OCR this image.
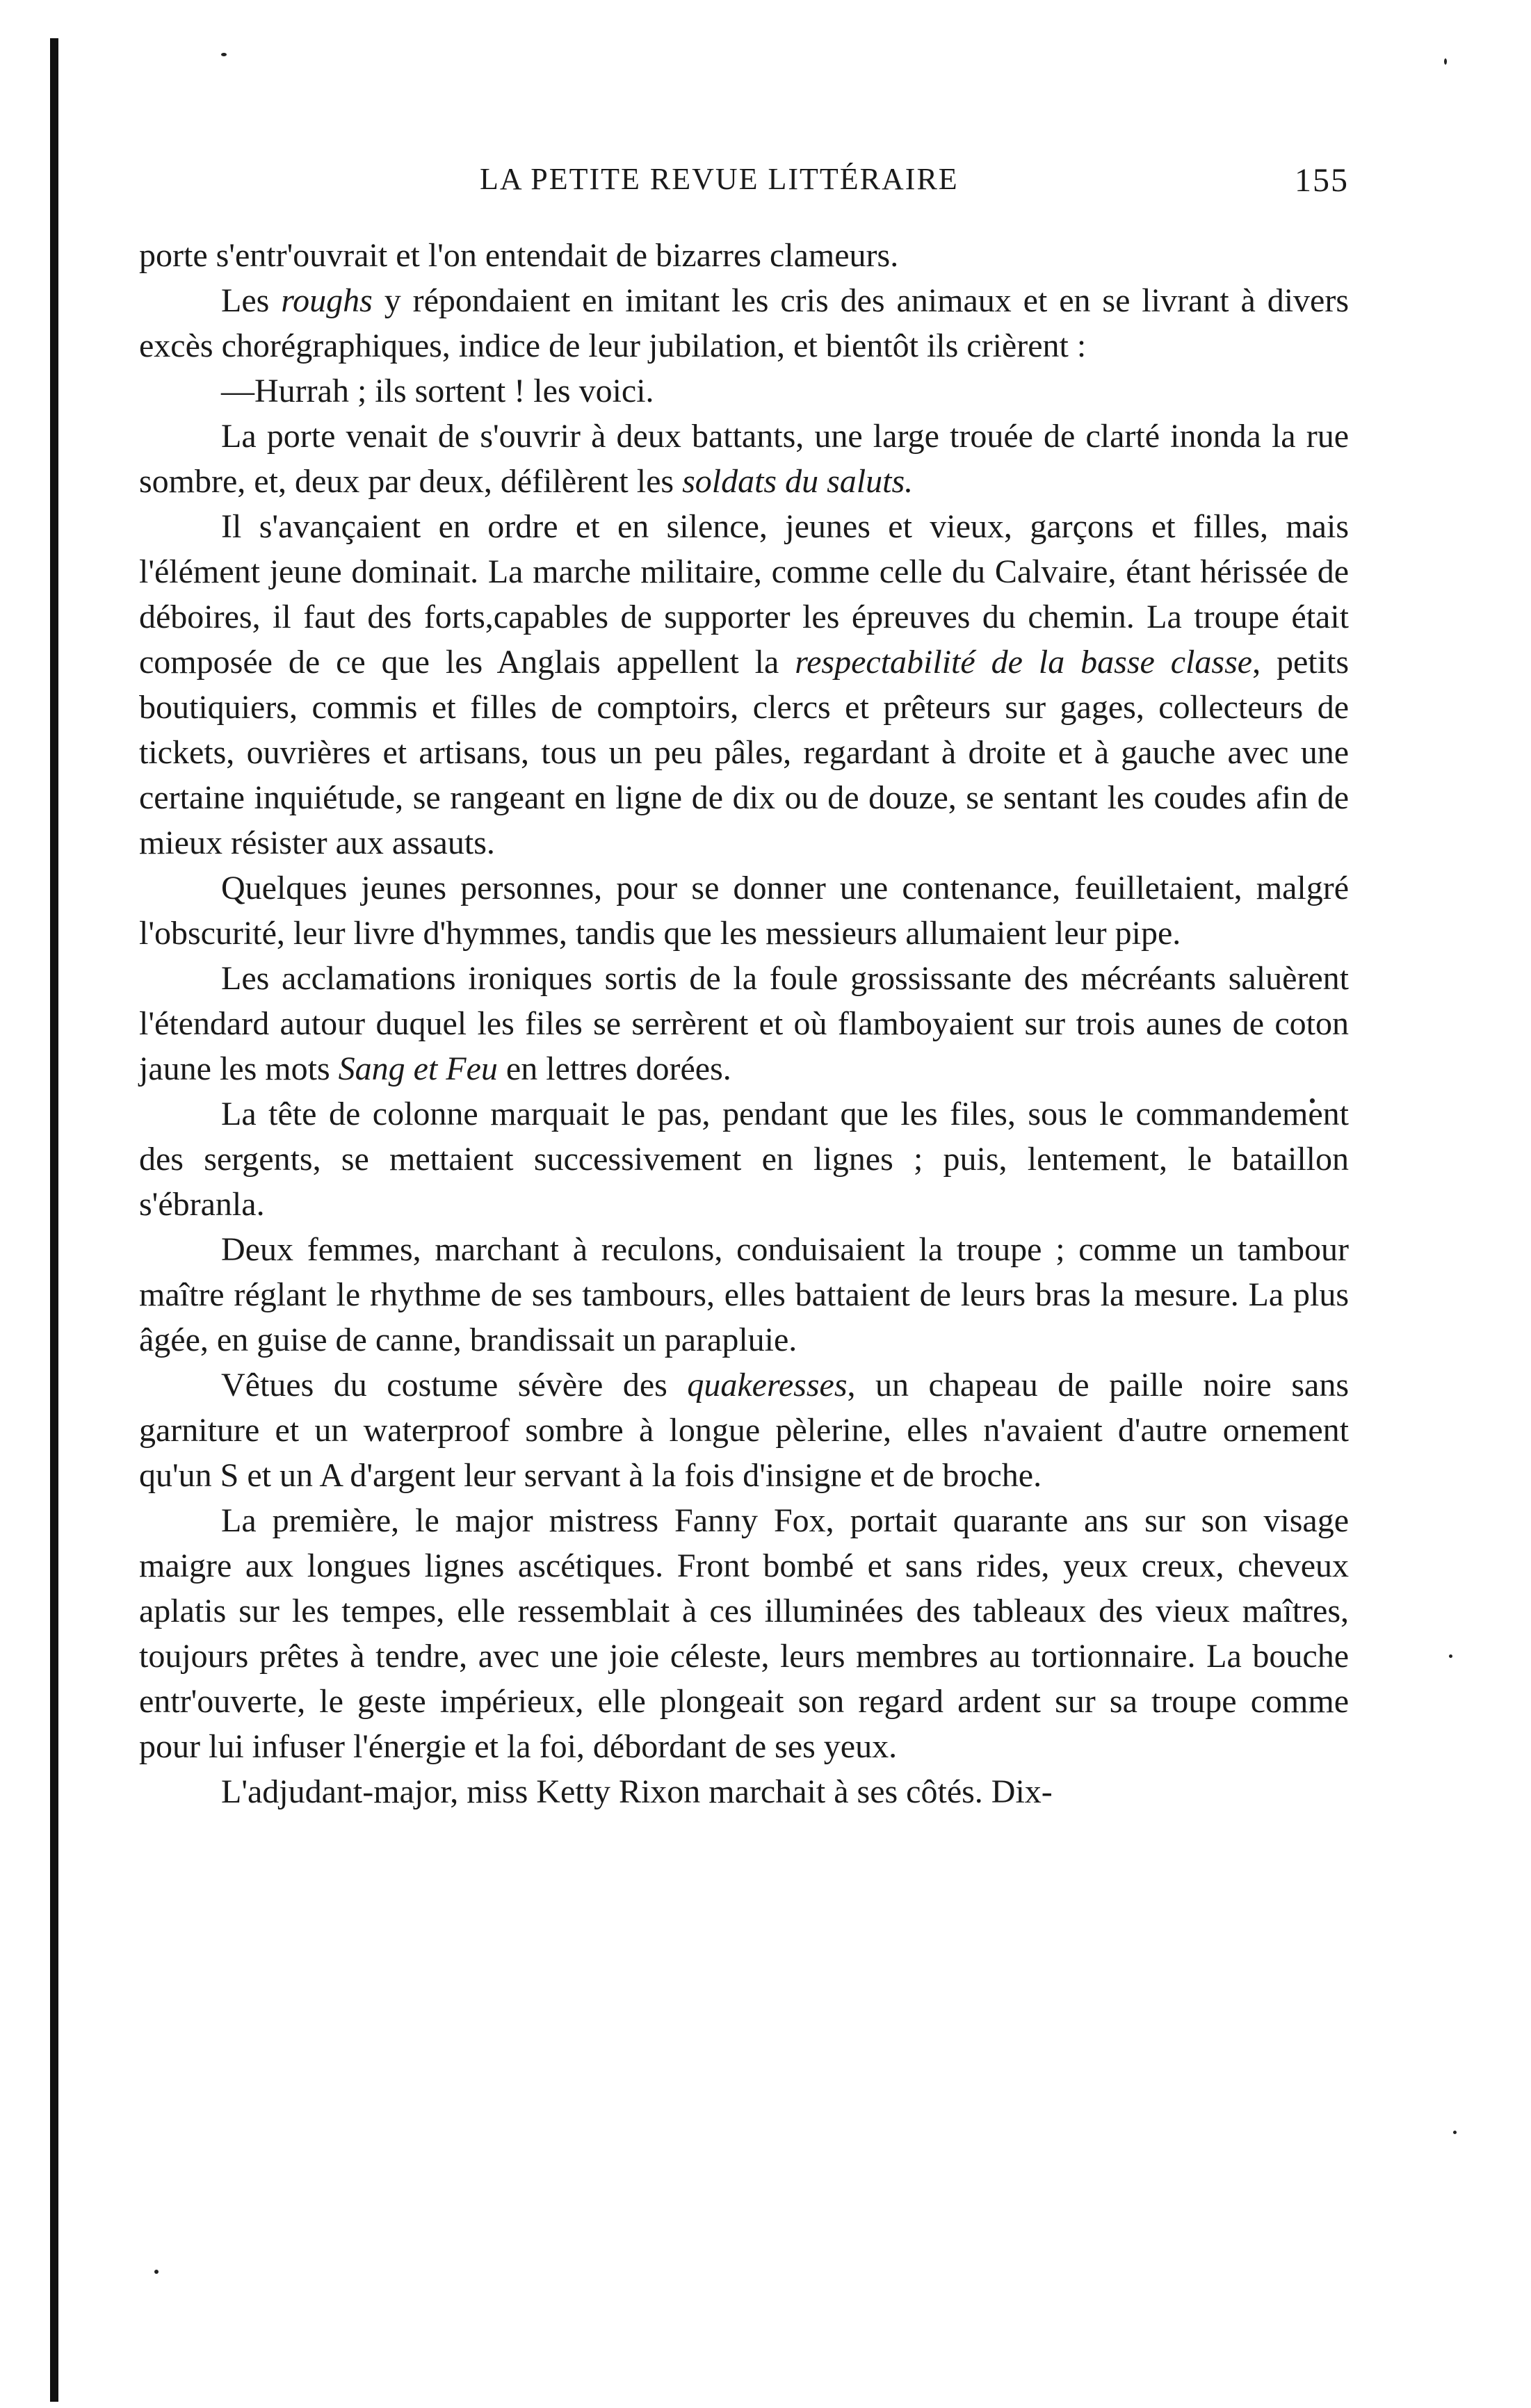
LA PETITE REVUE LITTÉRAIRE	155

porte s'entr'ouvrait et l'on entendait de bizarres clameurs.

Les roughs y répondaient en imitant les cris des animaux et en se livrant à divers excès chorégraphiques, indice de leur jubilation, et bientôt ils crièrent :

—Hurrah ; ils sortent ! les voici.

La porte venait de s'ouvrir à deux battants, une large trouée de clarté inonda la rue sombre, et, deux par deux, défilèrent les soldats du saluts.

Il s'avançaient en ordre et en silence, jeunes et vieux, garçons et filles, mais l'élément jeune dominait. La marche militaire, comme celle du Calvaire, étant hérissée de déboires, il faut des forts,capables de supporter les épreuves du chemin. La troupe était composée de ce que les Anglais appellent la respectabilité de la basse classe, petits boutiquiers, commis et filles de comptoirs, clercs et prêteurs sur gages, collecteurs de tickets, ouvrières et artisans, tous un peu pâles, regardant à droite et à gauche avec une certaine inquiétude, se rangeant en ligne de dix ou de douze, se sentant les coudes afin de mieux résister aux assauts.

Quelques jeunes personnes, pour se donner une contenance, feuilletaient, malgré l'obscurité, leur livre d'hymmes, tandis que les messieurs allumaient leur pipe.

Les acclamations ironiques sortis de la foule grossissante des mécréants saluèrent l'étendard autour duquel les files se serrèrent et où flamboyaient sur trois aunes de coton jaune les mots Sang et Feu en lettres dorées.

La tête de colonne marquait le pas, pendant que les files, sous le commandement des sergents, se mettaient successivement en lignes ; puis, lentement, le bataillon s'ébranla.

Deux femmes, marchant à reculons, conduisaient la troupe ; comme un tambour maître réglant le rhythme de ses tambours, elles battaient de leurs bras la mesure. La plus âgée, en guise de canne, brandissait un parapluie.

Vêtues du costume sévère des quakeresses, un chapeau de paille noire sans garniture et un waterproof sombre à longue pèlerine, elles n'avaient d'autre ornement qu'un S et un A d'argent leur servant à la fois d'insigne et de broche.

La première, le major mistress Fanny Fox, portait quarante ans sur son visage maigre aux longues lignes ascétiques. Front bombé et sans rides, yeux creux, cheveux aplatis sur les tempes, elle ressemblait à ces illuminées des tableaux des vieux maîtres, toujours prêtes à tendre, avec une joie céleste, leurs membres au tortionnaire. La bouche entr'ouverte, le geste impérieux, elle plongeait son regard ardent sur sa troupe comme pour lui infuser l'énergie et la foi, débordant de ses yeux.

L'adjudant-major, miss Ketty Rixon marchait à ses côtés. Dix-
